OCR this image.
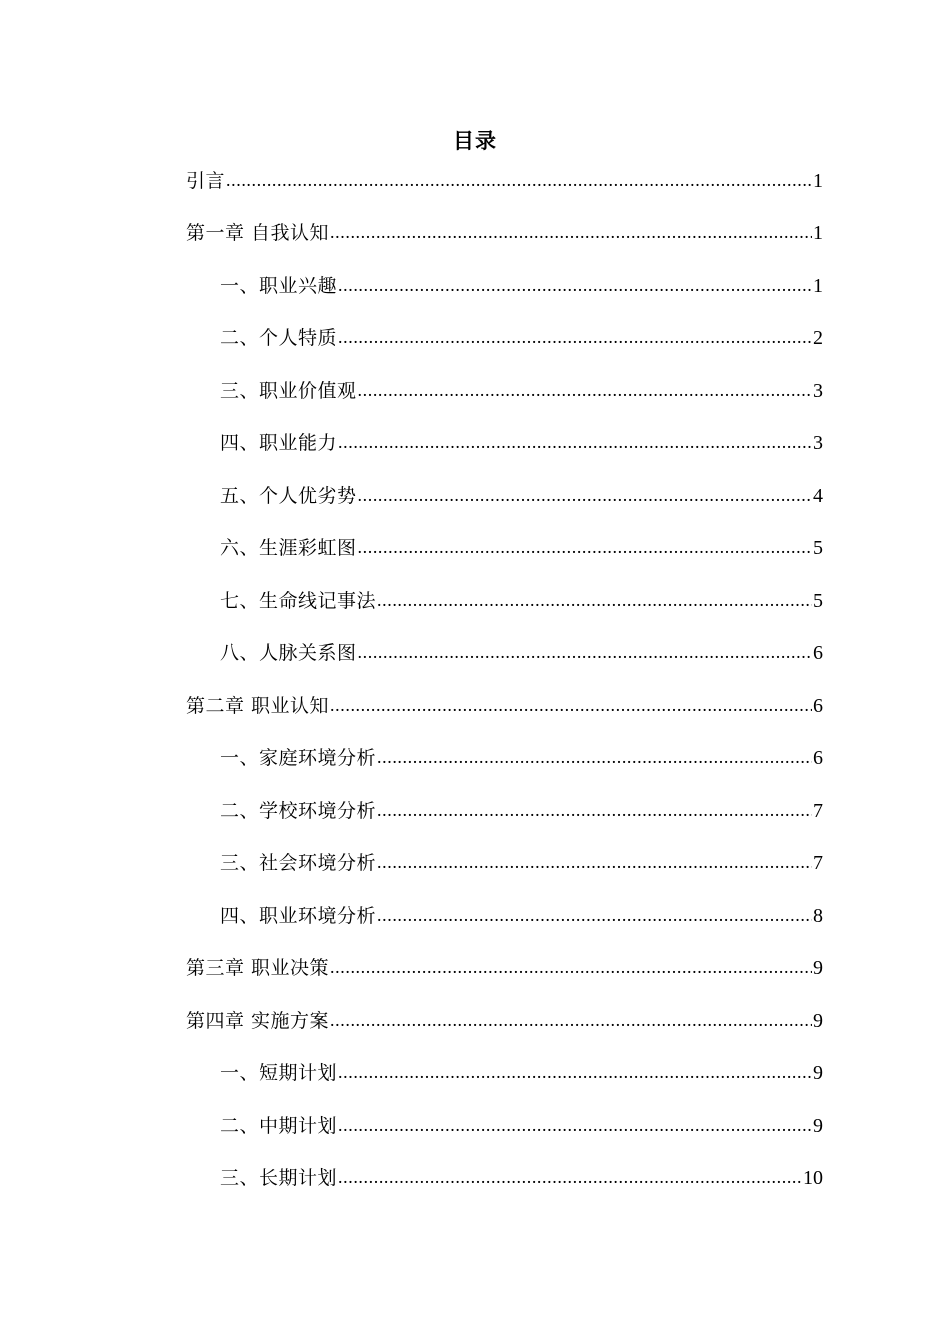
目录
引言 .....	1
第一章 自我认知 .....	1
一、职业兴趣 .....	1
二、个人特质 .....	2
三、职业价值观 .....	3
四、职业能力 .....	3
五、个人优劣势 .....	4
六、生涯彩虹图 .....	5
七、生命线记事法 .....	5
八、人脉关系图 .....	6
第二章 职业认知 .....	6
一、家庭环境分析 .....	6
二、学校环境分析 .....	7
三、社会环境分析 .....	7
四、职业环境分析 .....	8
第三章 职业决策 .....	9
第四章 实施方案 .....	9
一、短期计划 .....	9
二、中期计划 .....	9
三、长期计划 .....	10
